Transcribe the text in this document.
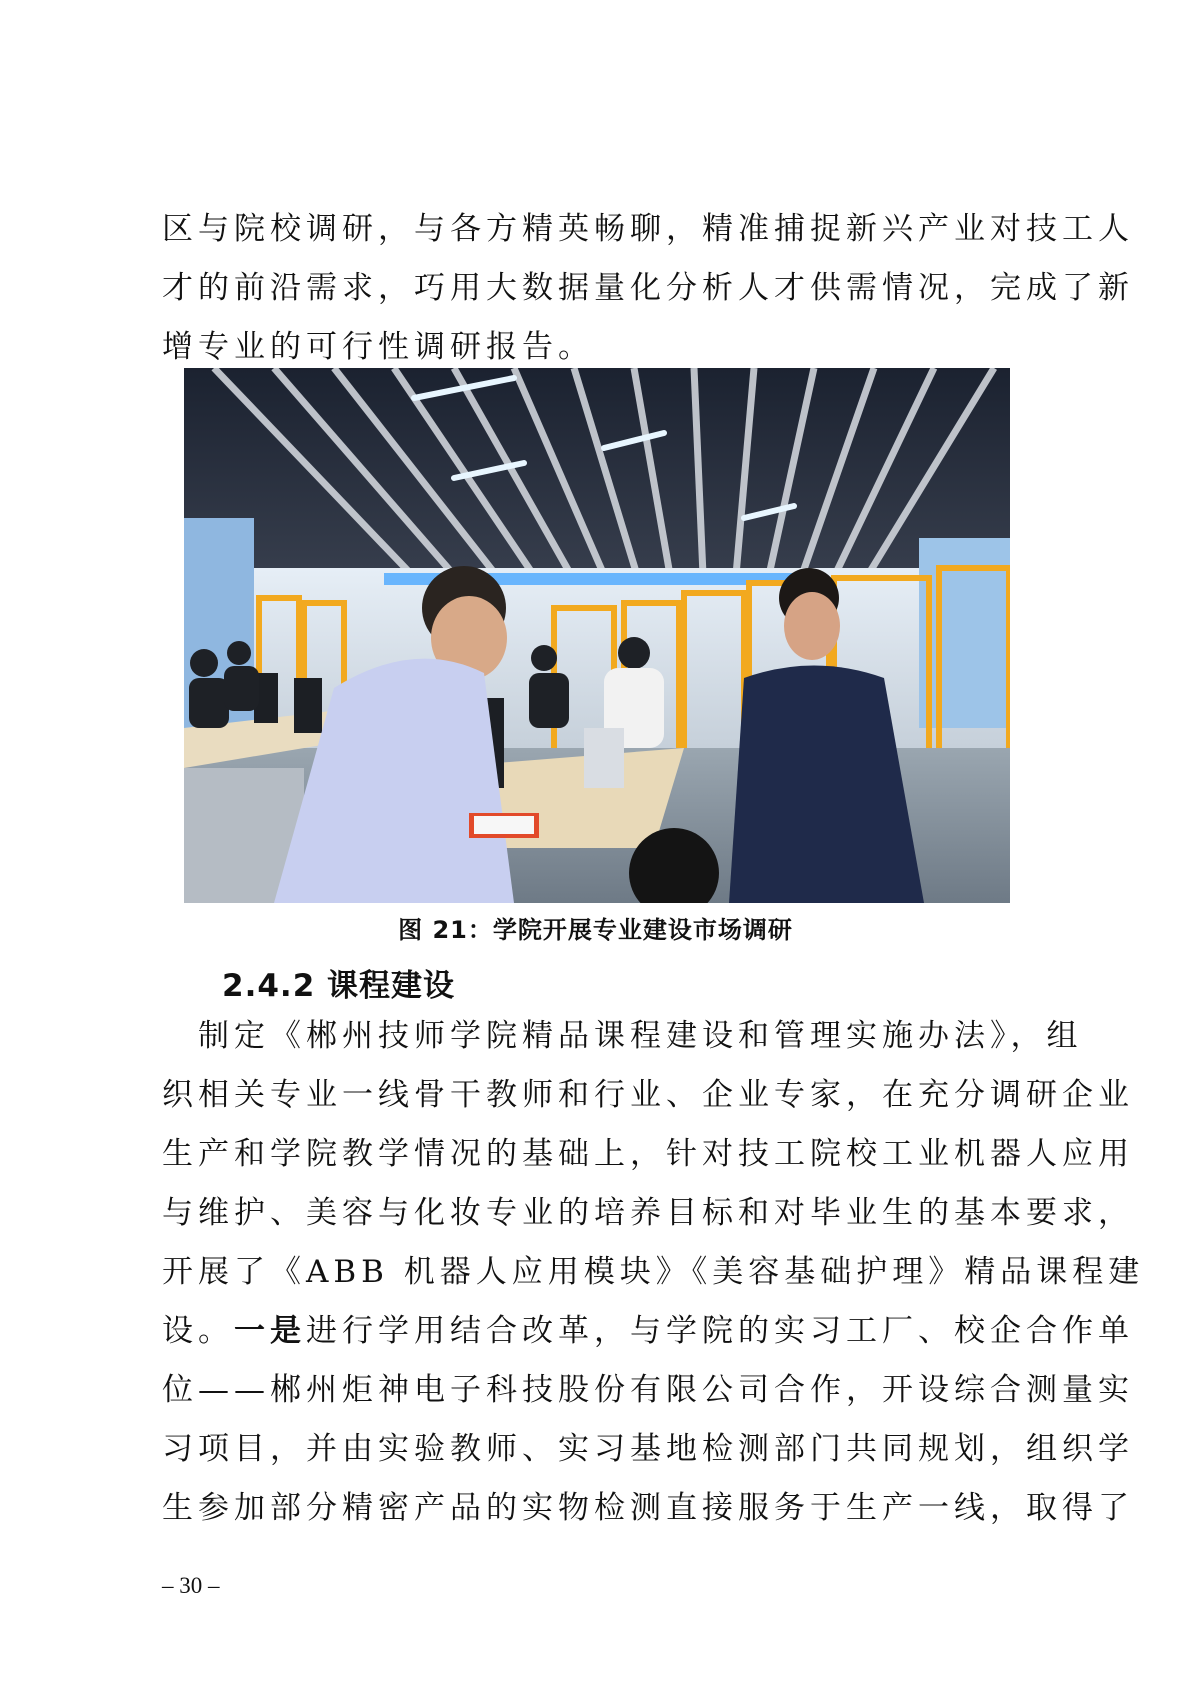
区与院校调研，与各方精英畅聊，精准捕捉新兴产业对技工人
才的前沿需求，巧用大数据量化分析人才供需情况，完成了新
增专业的可行性调研报告。
图 21：学院开展专业建设市场调研
2.4.2 课程建设
　制定《郴州技师学院精品课程建设和管理实施办法》，组
织相关专业一线骨干教师和行业、企业专家，在充分调研企业
生产和学院教学情况的基础上，针对技工院校工业机器人应用
与维护、美容与化妆专业的培养目标和对毕业生的基本要求，
开展了《ABB 机器人应用模块》《美容基础护理》精品课程建
设。一是进行学用结合改革，与学院的实习工厂、校企合作单
位——郴州炬神电子科技股份有限公司合作，开设综合测量实
习项目，并由实验教师、实习基地检测部门共同规划，组织学
生参加部分精密产品的实物检测直接服务于生产一线，取得了
– 30 –
